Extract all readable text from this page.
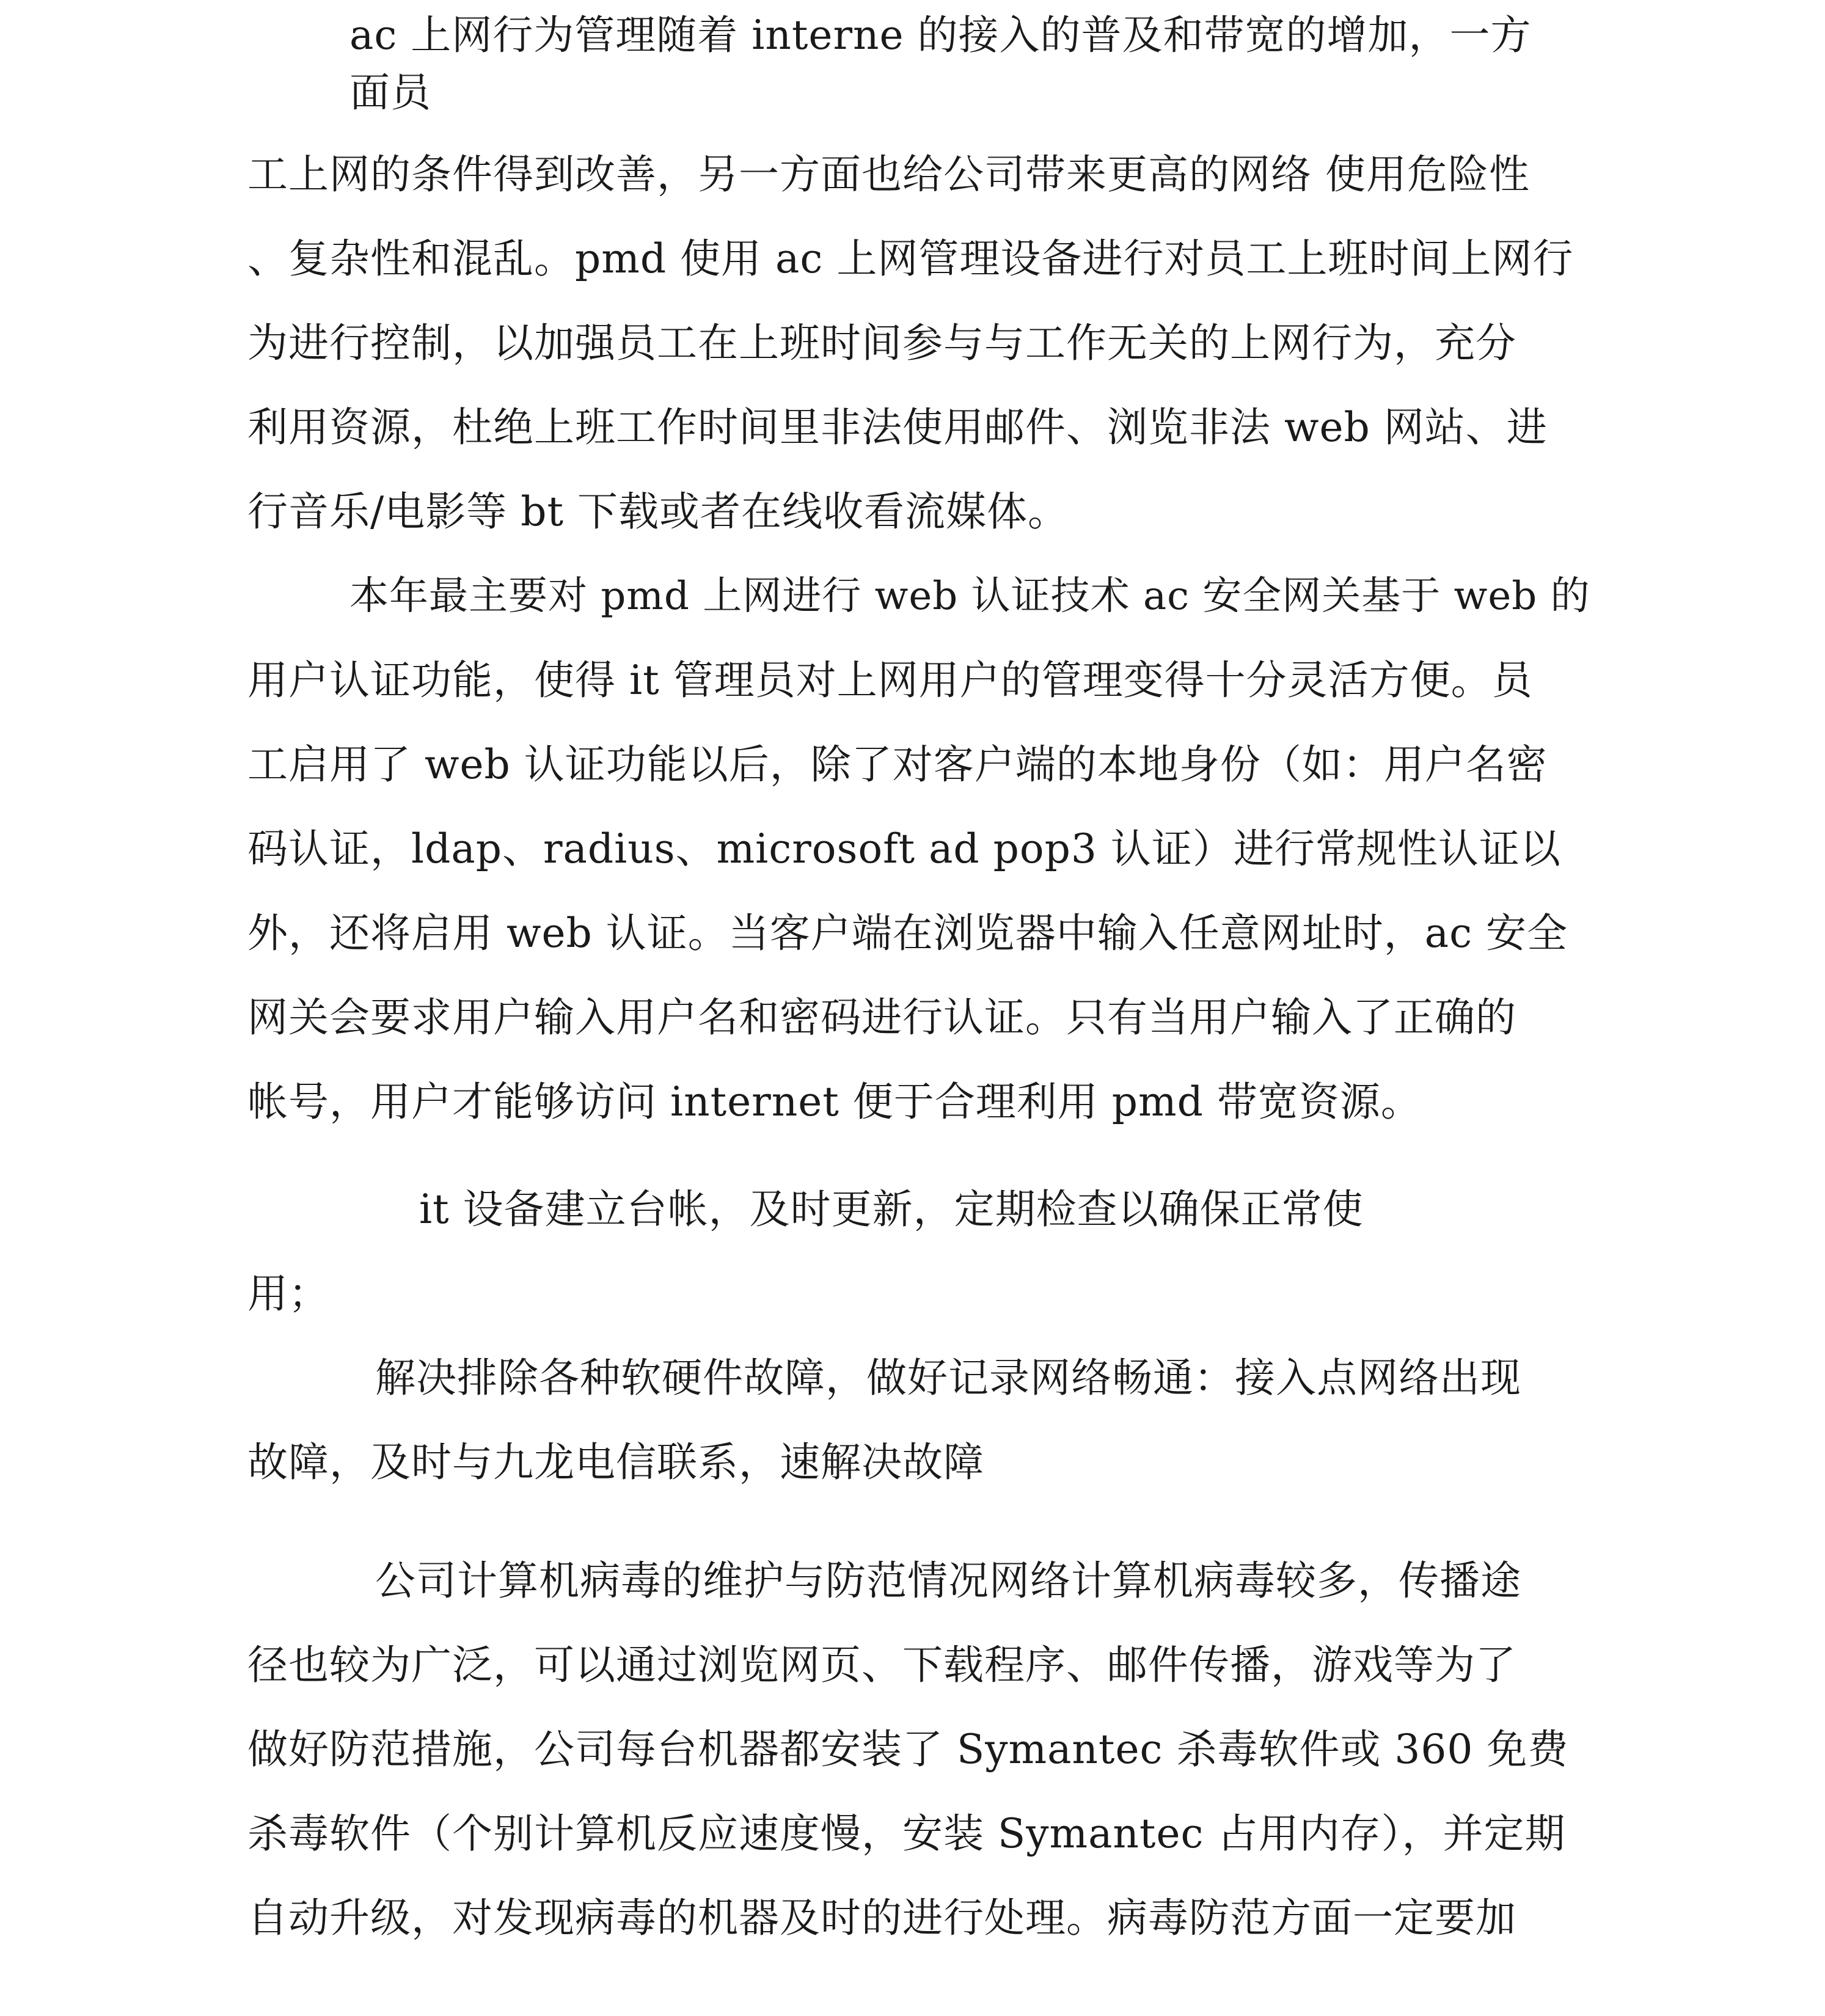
ac 上网行为管理随着 interne 的接入的普及和带宽的增加，一方
面员
工上网的条件得到改善，另一方面也给公司带来更高的网络 使用危险性
、复杂性和混乱。pmd 使用 ac 上网管理设备进行对员工上班时间上网行
为进行控制，以加强员工在上班时间参与与工作无关的上网行为，充分
利用资源，杜绝上班工作时间里非法使用邮件、浏览非法 web 网站、进
行音乐/电影等 bt 下载或者在线收看流媒体。
本年最主要对 pmd 上网进行 web 认证技术 ac 安全网关基于 web 的
用户认证功能，使得 it 管理员对上网用户的管理变得十分灵活方便。员
工启用了 web 认证功能以后，除了对客户端的本地身份（如：用户名密
码认证，ldap、radius、microsoft ad pop3 认证）进行常规性认证以
外，还将启用 web 认证。当客户端在浏览器中输入任意网址时，ac 安全
网关会要求用户输入用户名和密码进行认证。只有当用户输入了正确的
帐号，用户才能够访问 internet 便于合理利用 pmd 带宽资源。
it 设备建立台帐，及时更新，定期检查以确保正常使
用；
解决排除各种软硬件故障，做好记录网络畅通：接入点网络出现
故障，及时与九龙电信联系，速解决故障
公司计算机病毒的维护与防范情况网络计算机病毒较多，传播途
径也较为广泛，可以通过浏览网页、下载程序、邮件传播，游戏等为了
做好防范措施，公司每台机器都安装了 Symantec 杀毒软件或 360 免费
杀毒软件（个别计算机反应速度慢，安装 Symantec 占用内存），并定期
自动升级，对发现病毒的机器及时的进行处理。病毒防范方面一定要加
